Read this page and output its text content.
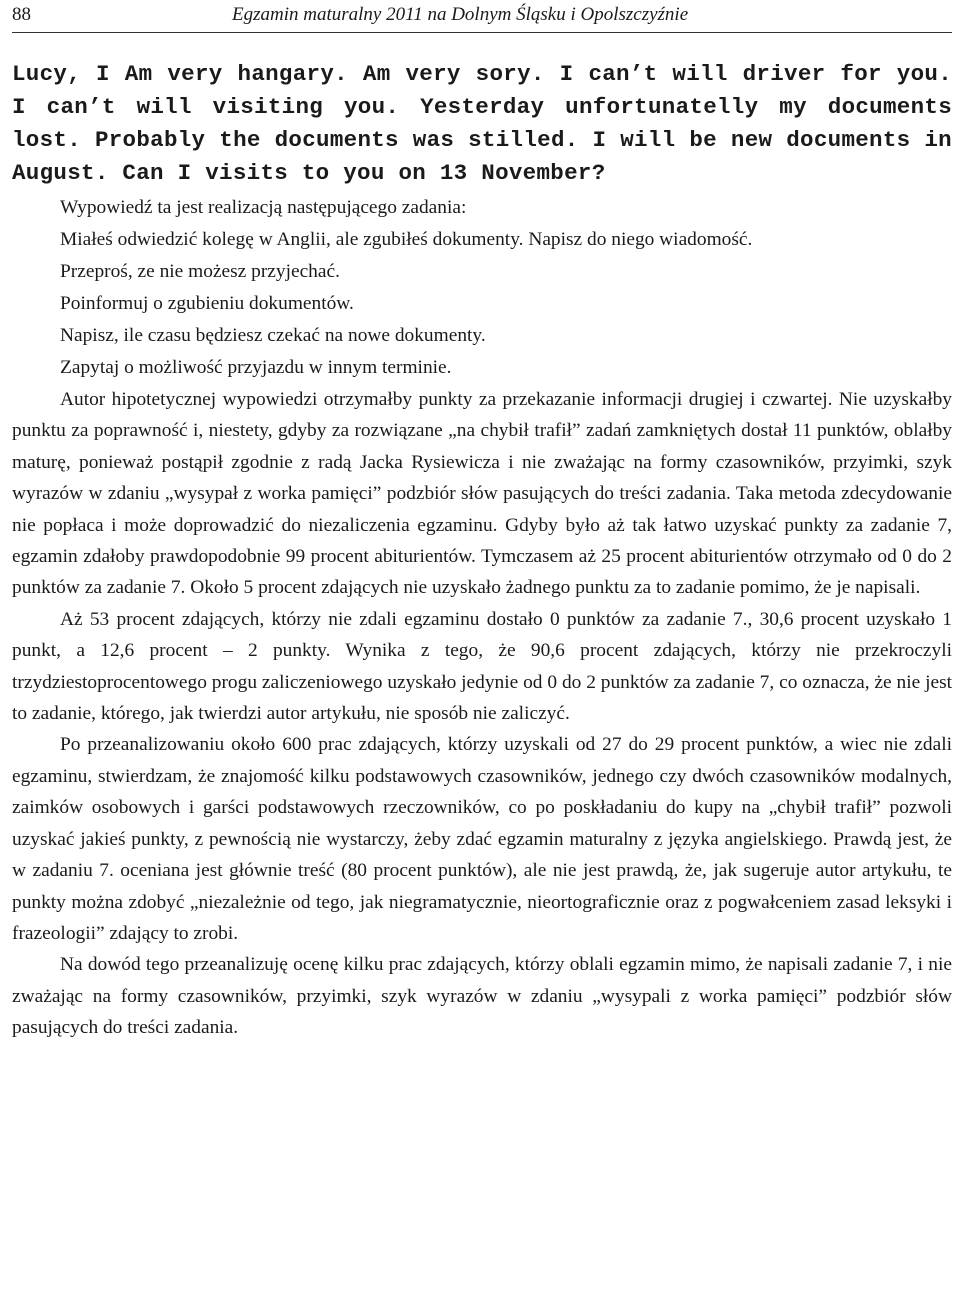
88	Egzamin maturalny 2011 na Dolnym Śląsku i Opolszczyźnie
Lucy, I Am very hangary. Am very sory. I can’t will driver for you. I can’t will visiting you. Yesterday unfortunatelly my documents lost. Probably the documents was stilled. I will be new documents in August. Can I visits to you on 13 November?
Wypowiedź ta jest realizacją następującego zadania:
Miałeś odwiedzić kolegę w Anglii, ale zgubiłeś dokumenty. Napisz do niego wiadomość.
Przeproś, ze nie możesz przyjechać.
Poinformuj o zgubieniu dokumentów.
Napisz, ile czasu będziesz czekać na nowe dokumenty.
Zapytaj o możliwość przyjazdu w innym terminie.

Autor hipotetycznej wypowiedzi otrzymałby punkty za przekazanie informacji drugiej i czwartej. Nie uzyskałby punktu za poprawność i, niestety, gdyby za rozwiązane „na chybił trafił” zadań zamkniętych dostał 11 punktów, oblałby maturę, ponieważ postąpił zgodnie z radą Jacka Rysiewicza i nie zważając na formy czasowników, przyimki, szyk wyrazów w zdaniu „wysypał z worka pamięci” podzbiór słów pasujących do treści zadania. Taka metoda zdecydowanie nie popłaca i może doprowadzić do niezaliczenia egzaminu. Gdyby było aż tak łatwo uzyskać punkty za zadanie 7, egzamin zdałoby prawdopodobnie 99 procent abiturientów. Tymczasem aż 25 procent abiturientów otrzymało od 0 do 2 punktów za zadanie 7. Około 5 procent zdających nie uzyskało żadnego punktu za to zadanie pomimo, że je napisali.

Aż 53 procent zdających, którzy nie zdali egzaminu dostało 0 punktów za zadanie 7., 30,6 procent uzyskało 1 punkt, a 12,6 procent – 2 punkty. Wynika z tego, że 90,6 procent zdających, którzy nie przekroczyli trzydziestoprocentowego progu zaliczeniowego uzyskało jedynie od 0 do 2 punktów za zadanie 7, co oznacza, że nie jest to zadanie, którego, jak twierdzi autor artykułu, nie sposób nie zaliczyć.

Po przeanalizowaniu około 600 prac zdających, którzy uzyskali od 27 do 29 procent punktów, a wiec nie zdali egzaminu, stwierdzam, że znajomość kilku podstawowych czasowników, jednego czy dwóch czasowników modalnych, zaimków osobowych i garści podstawowych rzeczowników, co po poskładaniu do kupy na „chybił trafił” pozwoli uzyskać jakieś punkty, z pewnością nie wystarczy, żeby zdać egzamin maturalny z języka angielskiego. Prawdą jest, że w zadaniu 7. oceniana jest głównie treść (80 procent punktów), ale nie jest prawdą, że, jak sugeruje autor artykułu, te punkty można zdobyć „niezależnie od tego, jak niegramatycznie, nieortograficznie oraz z pogwałceniem zasad leksyki i frazeologii” zdający to zrobi.

Na dowód tego przeanalizuję ocenę kilku prac zdających, którzy oblali egzamin mimo, że napisali zadanie 7, i nie zważając na formy czasowników, przyimki, szyk wyrazów w zdaniu „wysypali z worka pamięci” podzbiór słów pasujących do treści zadania.
